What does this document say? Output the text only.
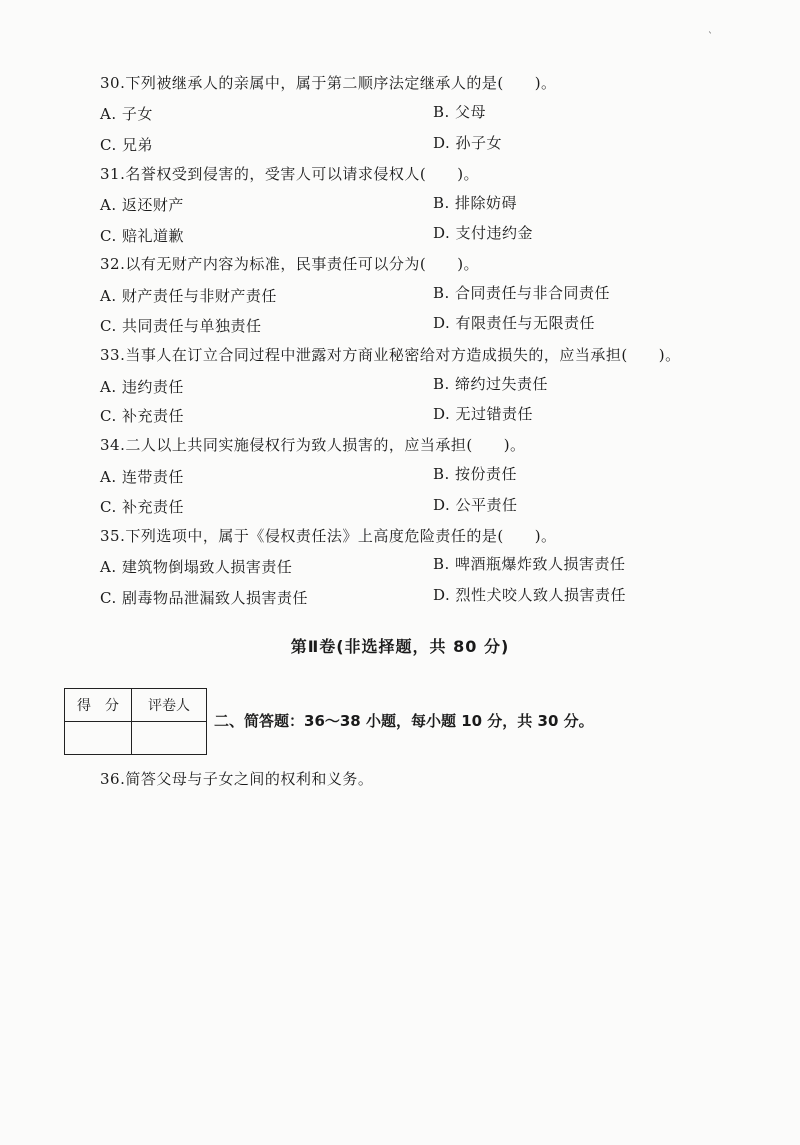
`
30.下列被继承人的亲属中，属于第二顺序法定继承人的是(　　)。
A. 子女	B. 父母
C. 兄弟	D. 孙子女
31.名誉权受到侵害的，受害人可以请求侵权人(　　)。
A. 返还财产	B. 排除妨碍
C. 赔礼道歉	D. 支付违约金
32.以有无财产内容为标准，民事责任可以分为(　　)。
A. 财产责任与非财产责任	B. 合同责任与非合同责任
C. 共同责任与单独责任	D. 有限责任与无限责任
33.当事人在订立合同过程中泄露对方商业秘密给对方造成损失的，应当承担(　　)。
A. 违约责任	B. 缔约过失责任
C. 补充责任	D. 无过错责任
34.二人以上共同实施侵权行为致人损害的，应当承担(　　)。
A. 连带责任	B. 按份责任
C. 补充责任	D. 公平责任
35.下列选项中，属于《侵权责任法》上高度危险责任的是(　　)。
A. 建筑物倒塌致人损害责任	B. 啤酒瓶爆炸致人损害责任
C. 剧毒物品泄漏致人损害责任	D. 烈性犬咬人致人损害责任
第Ⅱ卷(非选择题，共 80 分)
得　分	评卷人

二、简答题：36～38 小题，每小题 10 分，共 30 分。
36.简答父母与子女之间的权利和义务。
